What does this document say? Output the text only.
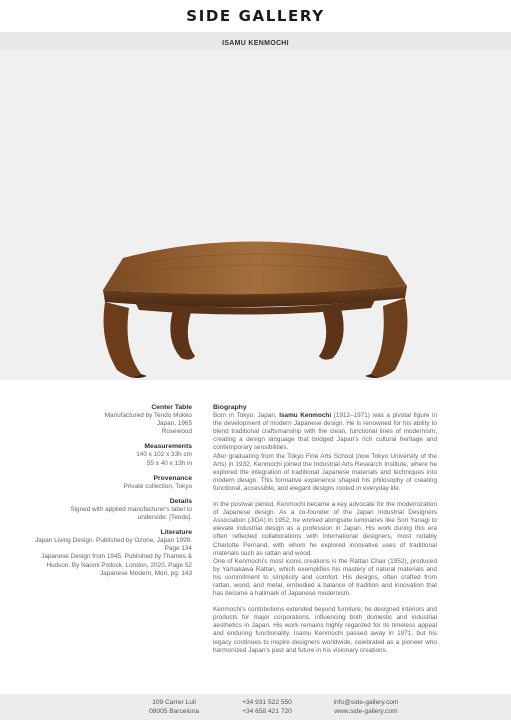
SIDE GALLERY
ISAMU KENMOCHI
Center Table
Manufactured by Tendo Mokko
Japan, 1965
Rosewood
Measurements
140 x 102 x 33h cm
55 x 40 x 13h in
Provenance
Private collection, Tokyo
Details
Signed with applied manufacturer's label to
underside: [Tendo].
Literature
Japan Living Design. Published by Ozone, Japan 1999.
Page 134
Japanese Design from 1945. Published by Thames &
Hudson. By Naomi Pollock. London, 2020. Page 52
Japanese Modern, Mori, pg. 143
Biography

Born in Tokyo, Japan, Isamu Kenmochi (1912–1971) was a pivotal figure in the development of modern Japanese design. He is renowned for his ability to blend traditional craftsmanship with the clean, functional lines of modernism, creating a design language that bridged Japan's rich cultural heritage and contemporary sensibilities.

After graduating from the Tokyo Fine Arts School (now Tokyo University of the Arts) in 1932, Kenmochi joined the Industrial Arts Research Institute, where he explored the integration of traditional Japanese materials and techniques into modern design. This formative experience shaped his philosophy of creating functional, accessible, and elegant designs rooted in everyday life.

In the postwar period, Kenmochi became a key advocate for the modernization of Japanese design. As a co-founder of the Japan Industrial Designers Association (JIDA) in 1952, he worked alongside luminaries like Sori Yanagi to elevate industrial design as a profession in Japan. His work during this era often reflected collaborations with international designers, most notably Charlotte Perriand, with whom he explored innovative uses of traditional materials such as rattan and wood.

One of Kenmochi's most iconic creations is the Rattan Chair (1952), produced by Yamakawa Rattan, which exemplifies his mastery of natural materials and his commitment to simplicity and comfort. His designs, often crafted from rattan, wood, and metal, embodied a balance of tradition and innovation that has become a hallmark of Japanese modernism.

Kenmochi's contributions extended beyond furniture; he designed interiors and products for major corporations, influencing both domestic and industrial aesthetics in Japan. His work remains highly regarded for its timeless appeal and enduring functionality. Isamu Kenmochi passed away in 1971, but his legacy continues to inspire designers worldwide, celebrated as a pioneer who harmonized Japan's past and future in his visionary creations.

109 Carrer Lull
08005 Barcelona
+34 931 522 550
+34 658 421 720
info@side-gallery.com
www.side-gallery.com
